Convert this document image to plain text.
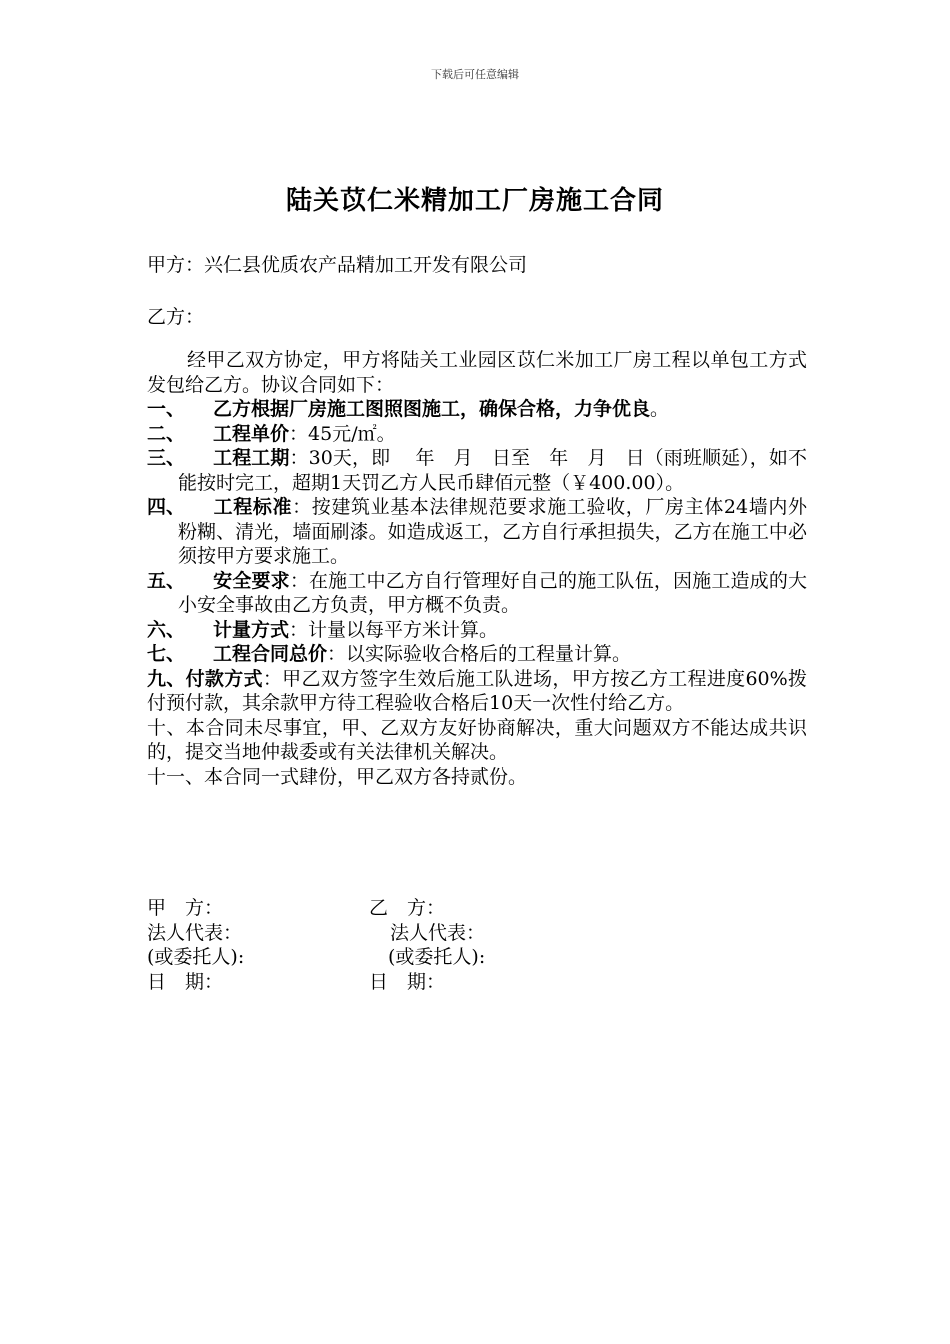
下载后可任意编辑
陆关苡仁米精加工厂房施工合同
甲方：兴仁县优质农产品精加工开发有限公司
乙方：

经甲乙双方协定，甲方将陆关工业园区苡仁米加工厂房工程以单包工方式发包给乙方。协议合同如下：

一、	乙方根据厂房施工图照图施工，确保合格，力争优良。

二、	工程单价：45元/㎡。

三、	工程工期：30天，即　 年　月　日至　年　月　日（雨班顺延），如不能按时完工，超期1天罚乙方人民币肆佰元整（￥400.00）。

四、	工程标准：按建筑业基本法律规范要求施工验收，厂房主体24墙内外粉糊、清光，墙面刷漆。如造成返工，乙方自行承担损失，乙方在施工中必须按甲方要求施工。

五、	安全要求：在施工中乙方自行管理好自己的施工队伍，因施工造成的大小安全事故由乙方负责，甲方概不负责。

六、	计量方式：计量以每平方米计算。

七、	工程合同总价：以实际验收合格后的工程量计算。

九、付款方式：甲乙双方签字生效后施工队进场，甲方按乙方工程进度60%拨付预付款，其余款甲方待工程验收合格后10天一次性付给乙方。

十、本合同未尽事宜，甲、乙双方友好协商解决，重大问题双方不能达成共识的，提交当地仲裁委或有关法律机关解决。

十一、本合同一式肆份，甲乙双方各持贰份。

甲　方：	乙　方：
法人代表：	法人代表：
(或委托人):	(或委托人):
日　期：	日　期：
